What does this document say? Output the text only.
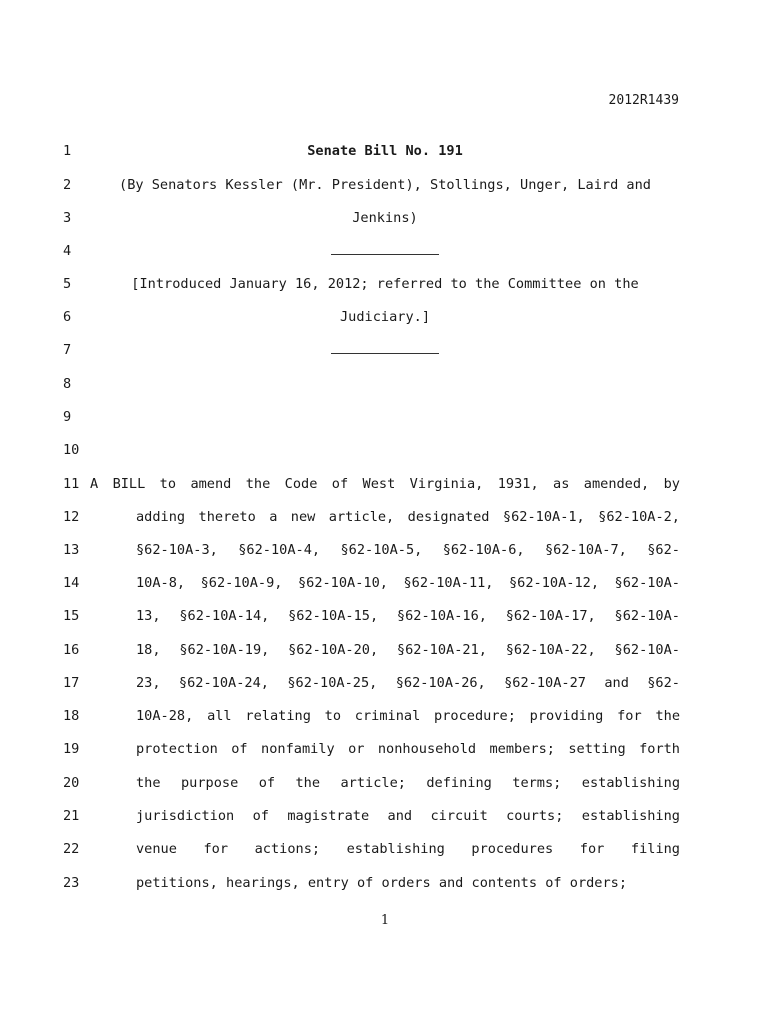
2012R1439
1	Senate Bill No. 191
2	(By Senators Kessler (Mr. President), Stollings, Unger, Laird and
3	Jenkins)
4
5	[Introduced January 16, 2012; referred to the Committee on the
6	Judiciary.]
7
8
9
10
11 A BILL to amend the Code of West Virginia, 1931, as amended, by
12	adding thereto a new article, designated §62-10A-1, §62-10A-2,
13	§62-10A-3, §62-10A-4, §62-10A-5, §62-10A-6, §62-10A-7, §62-
14	10A-8, §62-10A-9, §62-10A-10, §62-10A-11, §62-10A-12, §62-10A-
15	13, §62-10A-14, §62-10A-15, §62-10A-16, §62-10A-17, §62-10A-
16	18, §62-10A-19, §62-10A-20, §62-10A-21, §62-10A-22, §62-10A-
17	23, §62-10A-24, §62-10A-25, §62-10A-26, §62-10A-27 and §62-
18	10A-28, all relating to criminal procedure; providing for the
19	protection of nonfamily or nonhousehold members; setting forth
20	the purpose of the article; defining terms; establishing
21	jurisdiction of magistrate and circuit courts; establishing
22	venue for actions; establishing procedures for filing
23	petitions, hearings, entry of orders and contents of orders;
1
